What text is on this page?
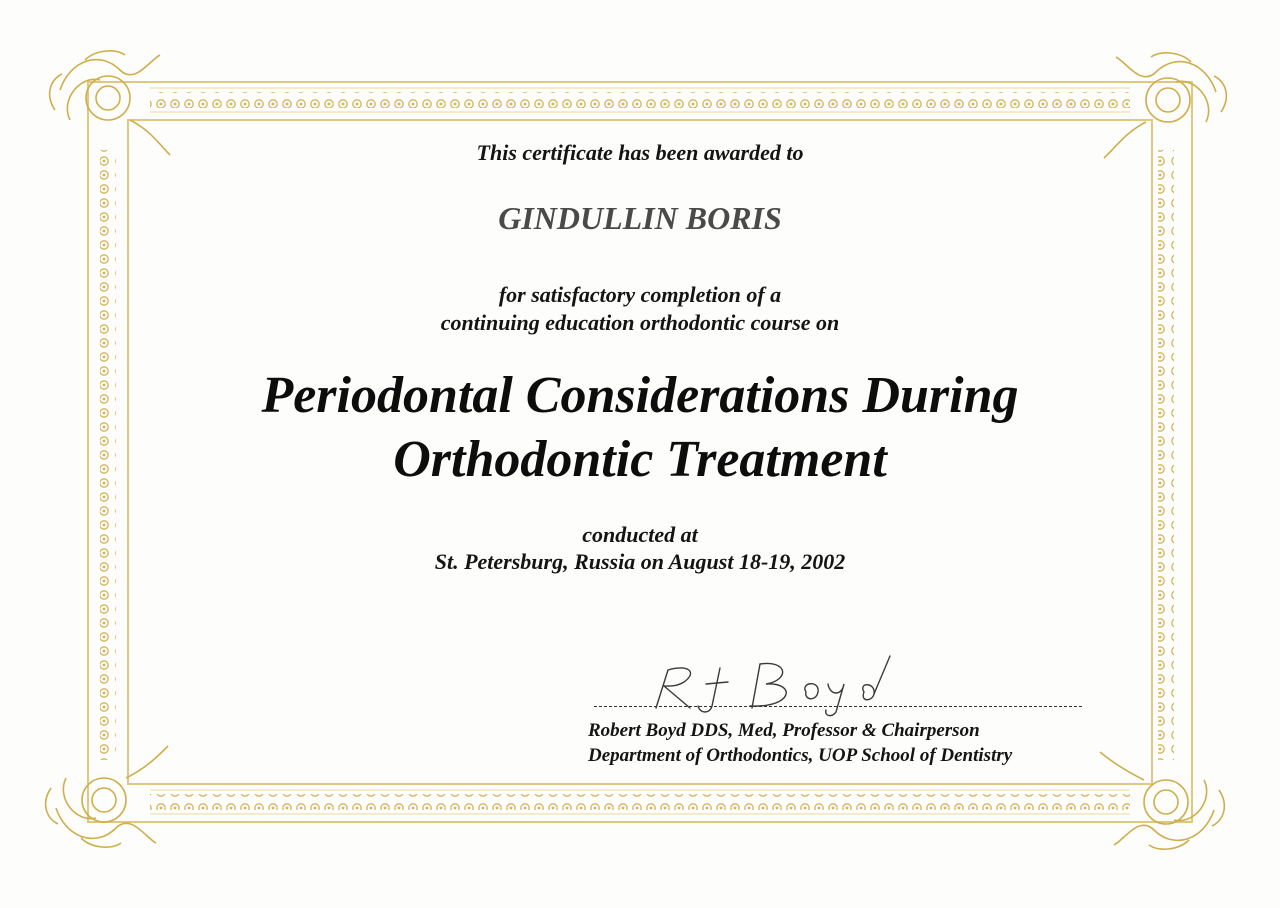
This certificate has been awarded to
GINDULLIN BORIS
for satisfactory completion of a
continuing education orthodontic course on
Periodontal Considerations During
Orthodontic Treatment
conducted at
St. Petersburg, Russia on August 18-19, 2002
Robert Boyd DDS, Med, Professor & Chairperson
Department of Orthodontics, UOP School of Dentistry
